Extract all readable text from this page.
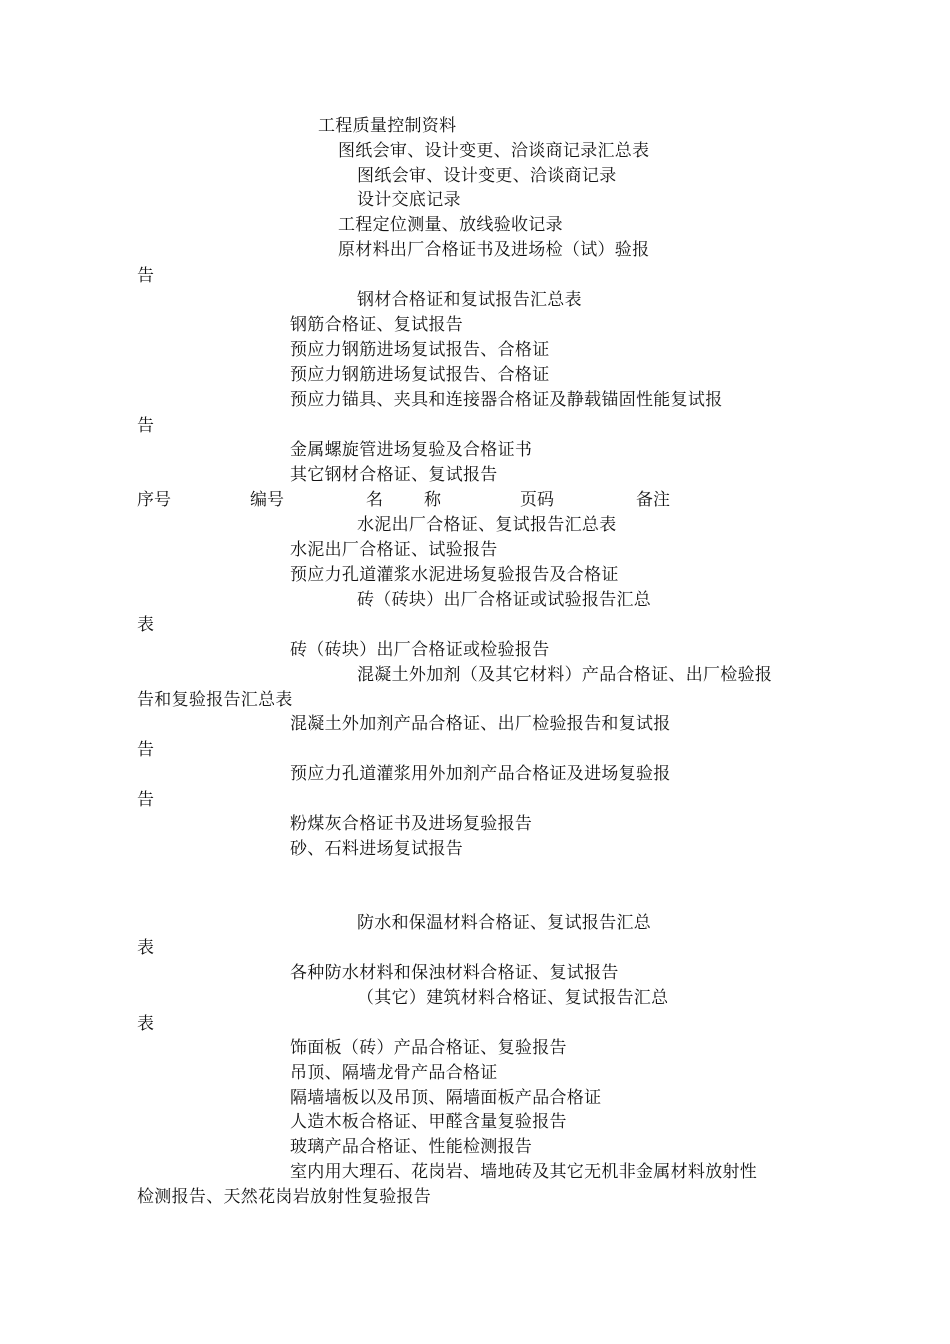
工程质量控制资料
图纸会审、设计变更、洽谈商记录汇总表
图纸会审、设计变更、洽谈商记录
设计交底记录
工程定位测量、放线验收记录
原材料出厂合格证书及进场检（试）验报
告
钢材合格证和复试报告汇总表
钢筋合格证、复试报告
预应力钢筋进场复试报告、合格证
预应力钢筋进场复试报告、合格证
预应力锚具、夹具和连接器合格证及静载锚固性能复试报
告
金属螺旋管进场复验及合格证书
其它钢材合格证、复试报告
序号	编号	名 称	页码	备注
水泥出厂合格证、复试报告汇总表
水泥出厂合格证、试验报告
预应力孔道灌浆水泥进场复验报告及合格证
砖（砖块）出厂合格证或试验报告汇总
表
砖（砖块）出厂合格证或检验报告
混凝土外加剂（及其它材料）产品合格证、出厂检验报
告和复验报告汇总表
混凝土外加剂产品合格证、出厂检验报告和复试报
告
预应力孔道灌浆用外加剂产品合格证及进场复验报
告
粉煤灰合格证书及进场复验报告
砂、石料进场复试报告
防水和保温材料合格证、复试报告汇总
表
各种防水材料和保浊材料合格证、复试报告
（其它）建筑材料合格证、复试报告汇总
表
饰面板（砖）产品合格证、复验报告
吊顶、隔墙龙骨产品合格证
隔墙墙板以及吊顶、隔墙面板产品合格证
人造木板合格证、甲醛含量复验报告
玻璃产品合格证、性能检测报告
室内用大理石、花岗岩、墙地砖及其它无机非金属材料放射性
检测报告、天然花岗岩放射性复验报告
